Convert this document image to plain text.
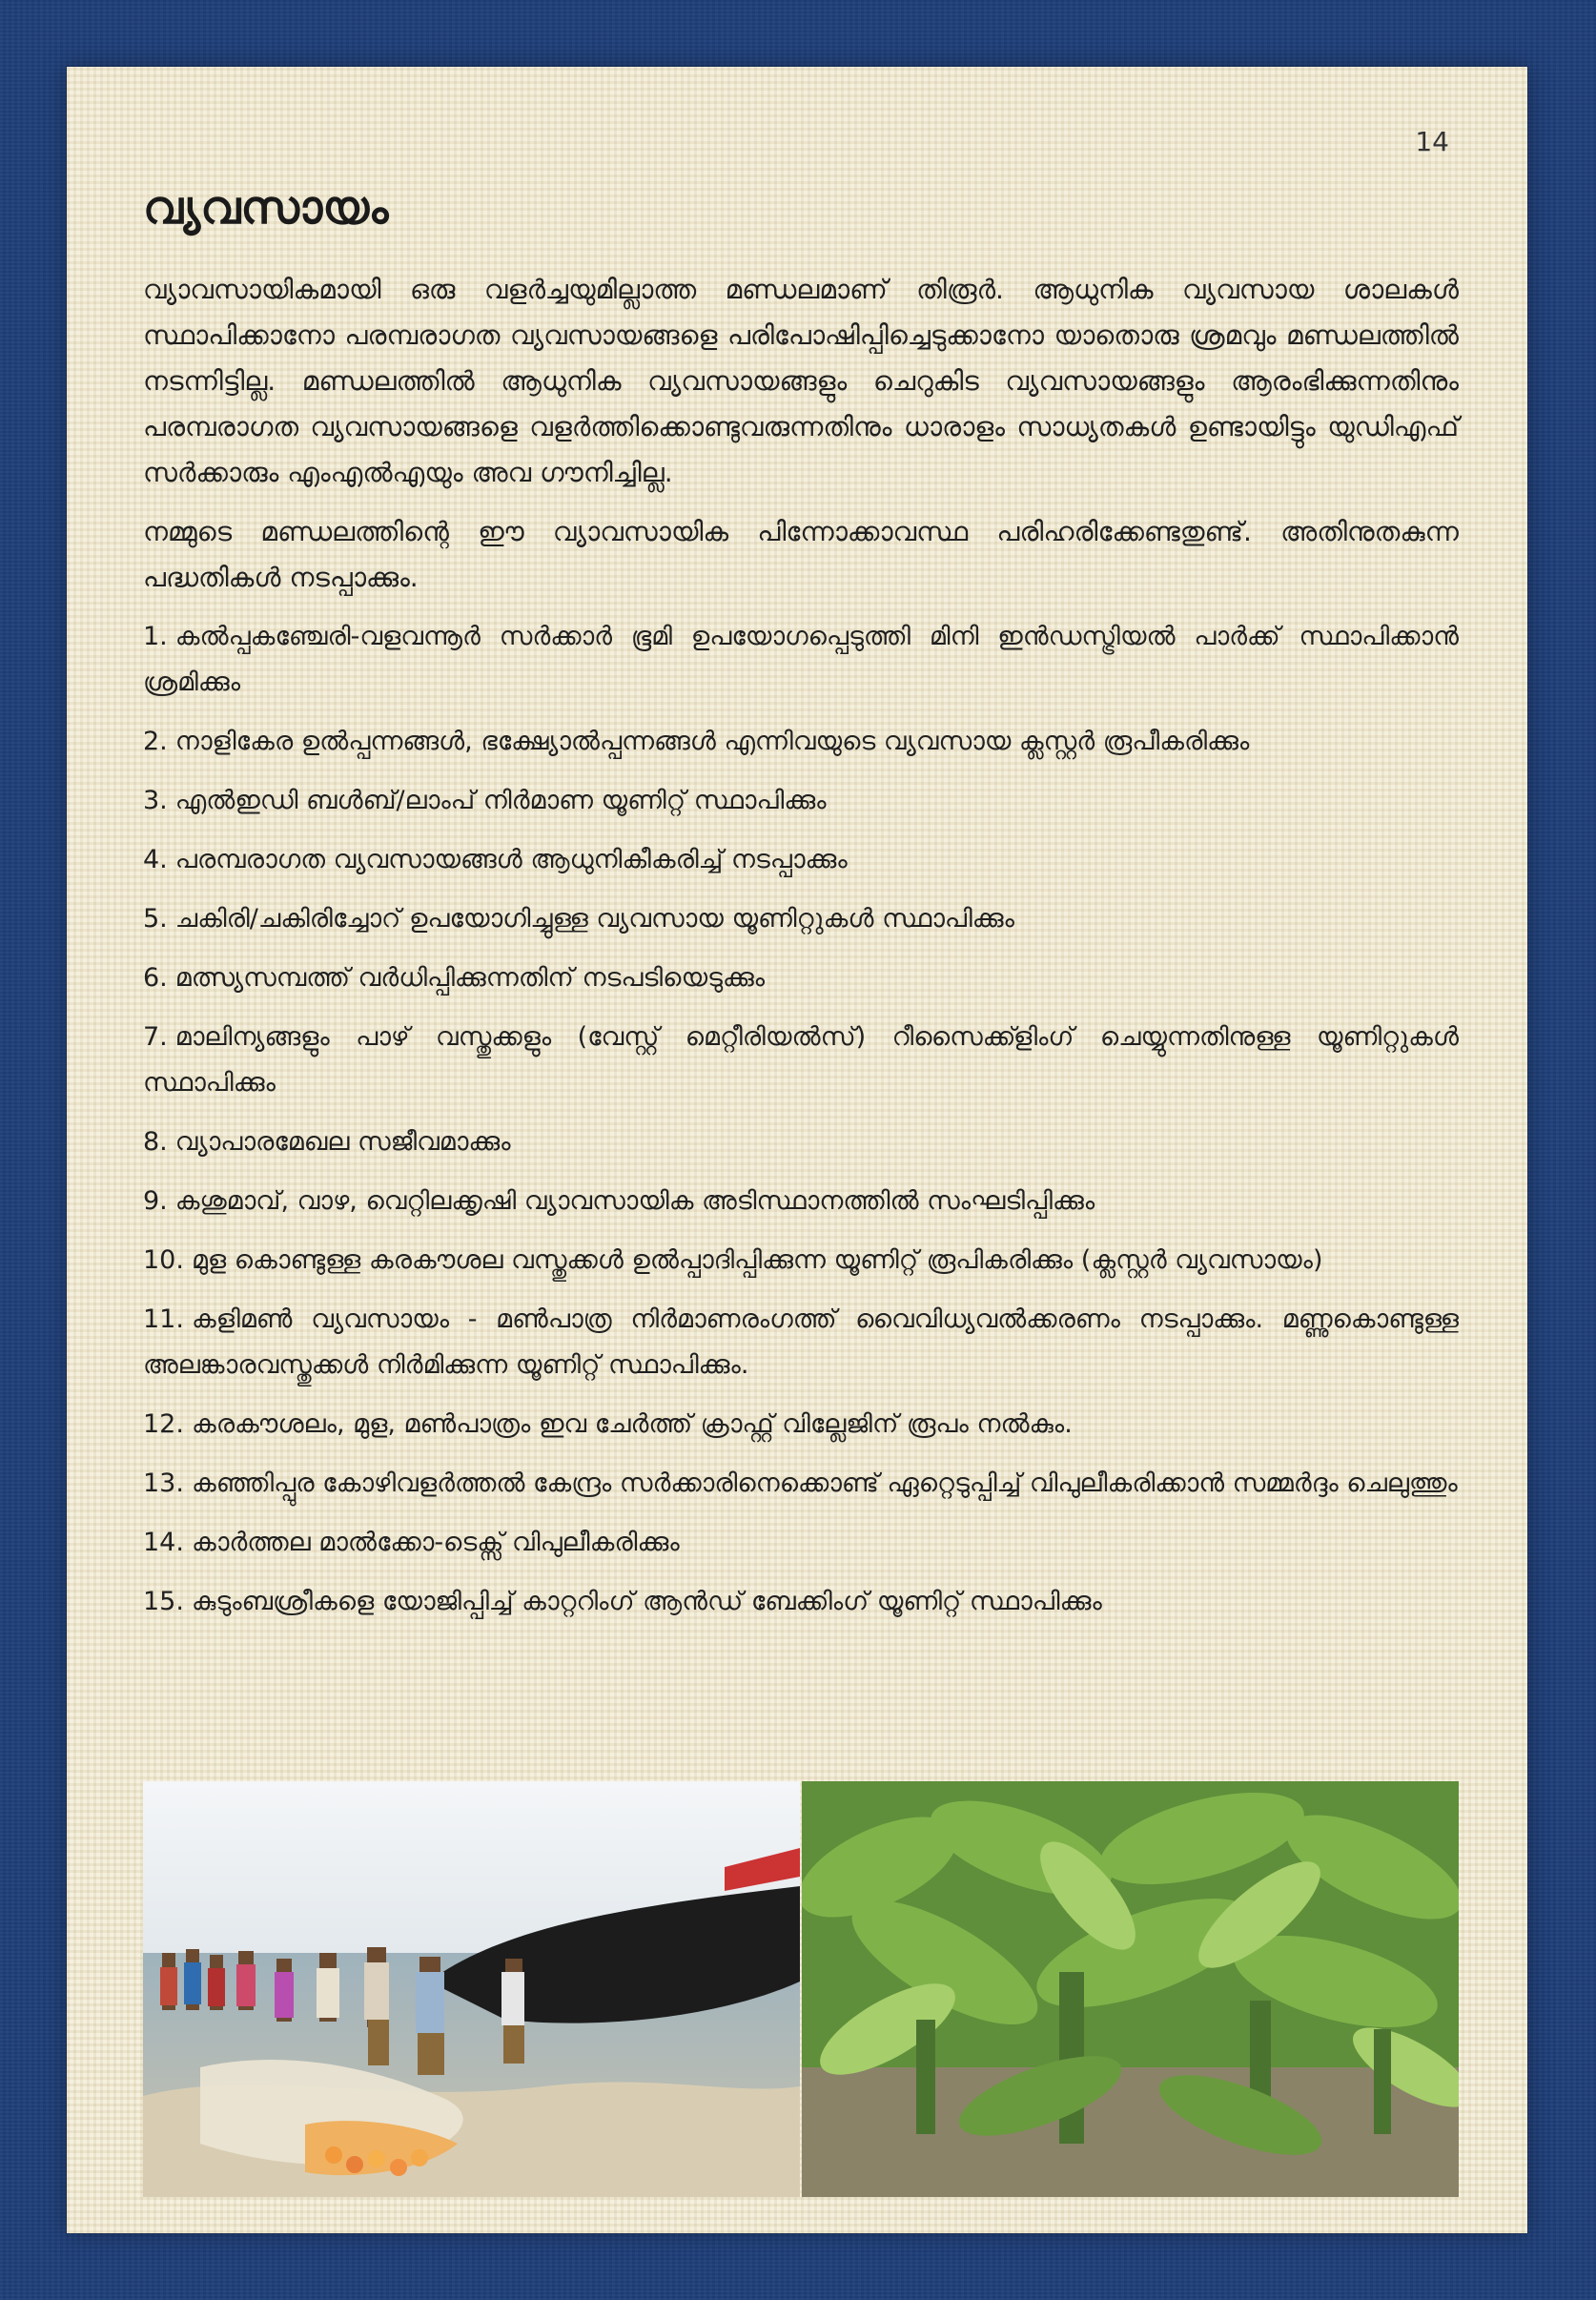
14
വ്യവസായം

വ്യാവസായികമായി ഒരു വളർച്ചയുമില്ലാത്ത മണ്ഡലമാണ് തിരൂർ. ആധുനിക വ്യവസായ ശാലകൾ സ്ഥാപിക്കാനോ പരമ്പരാഗത വ്യവസായങ്ങളെ പരിപോഷിപ്പിച്ചെടുക്കാനോ യാതൊരു ശ്രമവും മണ്ഡലത്തിൽ നടന്നിട്ടില്ല. മണ്ഡലത്തിൽ ആധുനിക വ്യവസായങ്ങളും ചെറുകിട വ്യവസായങ്ങളും ആരംഭിക്കുന്നതിനും പരമ്പരാഗത വ്യവസായങ്ങളെ വളർത്തിക്കൊണ്ടുവരുന്നതിനും ധാരാളം സാധ്യതകൾ ഉണ്ടായിട്ടും യുഡിഎഫ് സർക്കാരും എംഎൽഎയും അവ ഗൗനിച്ചില്ല.

നമ്മുടെ മണ്ഡലത്തിന്റെ ഈ വ്യാവസായിക പിന്നോക്കാവസ്ഥ പരിഹരിക്കേണ്ടതുണ്ട്. അതിനുതകുന്ന പദ്ധതികൾ നടപ്പാക്കും.

1. കൽപ്പകഞ്ചേരി-വളവന്നൂർ സർക്കാർ ഭൂമി ഉപയോഗപ്പെടുത്തി മിനി ഇൻഡസ്ട്രിയൽ പാർക്ക് സ്ഥാപിക്കാൻ ശ്രമിക്കും
2. നാളികേര ഉൽപ്പന്നങ്ങൾ, ഭക്ഷ്യോൽപ്പന്നങ്ങൾ എന്നിവയുടെ വ്യവസായ ക്ലസ്റ്റർ രൂപീകരിക്കും
3. എൽഇഡി ബൾബ്/ലാംപ് നിർമാണ യൂണിറ്റ് സ്ഥാപിക്കും
4. പരമ്പരാഗത വ്യവസായങ്ങൾ ആധുനികീകരിച്ച് നടപ്പാക്കും
5. ചകിരി/ചകിരിച്ചോറ് ഉപയോഗിച്ചുള്ള വ്യവസായ യൂണിറ്റുകൾ സ്ഥാപിക്കും
6. മത്സ്യസമ്പത്ത് വർധിപ്പിക്കുന്നതിന് നടപടിയെടുക്കും
7. മാലിന്യങ്ങളും പാഴ് വസ്തുക്കളും (വേസ്റ്റ് മെറ്റീരിയൽസ്) റീസൈക്ക്ളിംഗ് ചെയ്യുന്നതിനുള്ള യൂണിറ്റുകൾ സ്ഥാപിക്കും
8. വ്യാപാരമേഖല സജീവമാക്കും
9. കശുമാവ്, വാഴ, വെറ്റിലക്കൃഷി വ്യാവസായിക അടിസ്ഥാനത്തിൽ സംഘടിപ്പിക്കും
10. മുള കൊണ്ടുള്ള കരകൗശല വസ്തുക്കൾ ഉൽപ്പാദിപ്പിക്കുന്ന യൂണിറ്റ് രൂപികരിക്കും (ക്ലസ്റ്റർ വ്യവസായം)
11. കളിമൺ വ്യവസായം - മൺപാത്ര നിർമാണരംഗത്ത് വൈവിധ്യവൽക്കരണം നടപ്പാക്കും. മണ്ണുകൊണ്ടുള്ള അലങ്കാരവസ്തുക്കൾ നിർമിക്കുന്ന യൂണിറ്റ് സ്ഥാപിക്കും.
12. കരകൗശലം, മുള, മൺപാത്രം ഇവ ചേർത്ത് ക്രാഫ്റ്റ് വില്ലേജിന് രൂപം നൽകും.
13. കഞ്ഞിപ്പുര കോഴിവളർത്തൽ കേന്ദ്രം സർക്കാരിനെക്കൊണ്ട് ഏറ്റെടുപ്പിച്ച് വിപുലീകരിക്കാൻ സമ്മർദ്ദം ചെലുത്തും
14. കാർത്തല മാൽക്കോ-ടെക്സ് വിപുലീകരിക്കും
15. കുടുംബശ്രീകളെ യോജിപ്പിച്ച് കാറ്ററിംഗ് ആൻഡ് ബേക്കിംഗ് യൂണിറ്റ് സ്ഥാപിക്കും
